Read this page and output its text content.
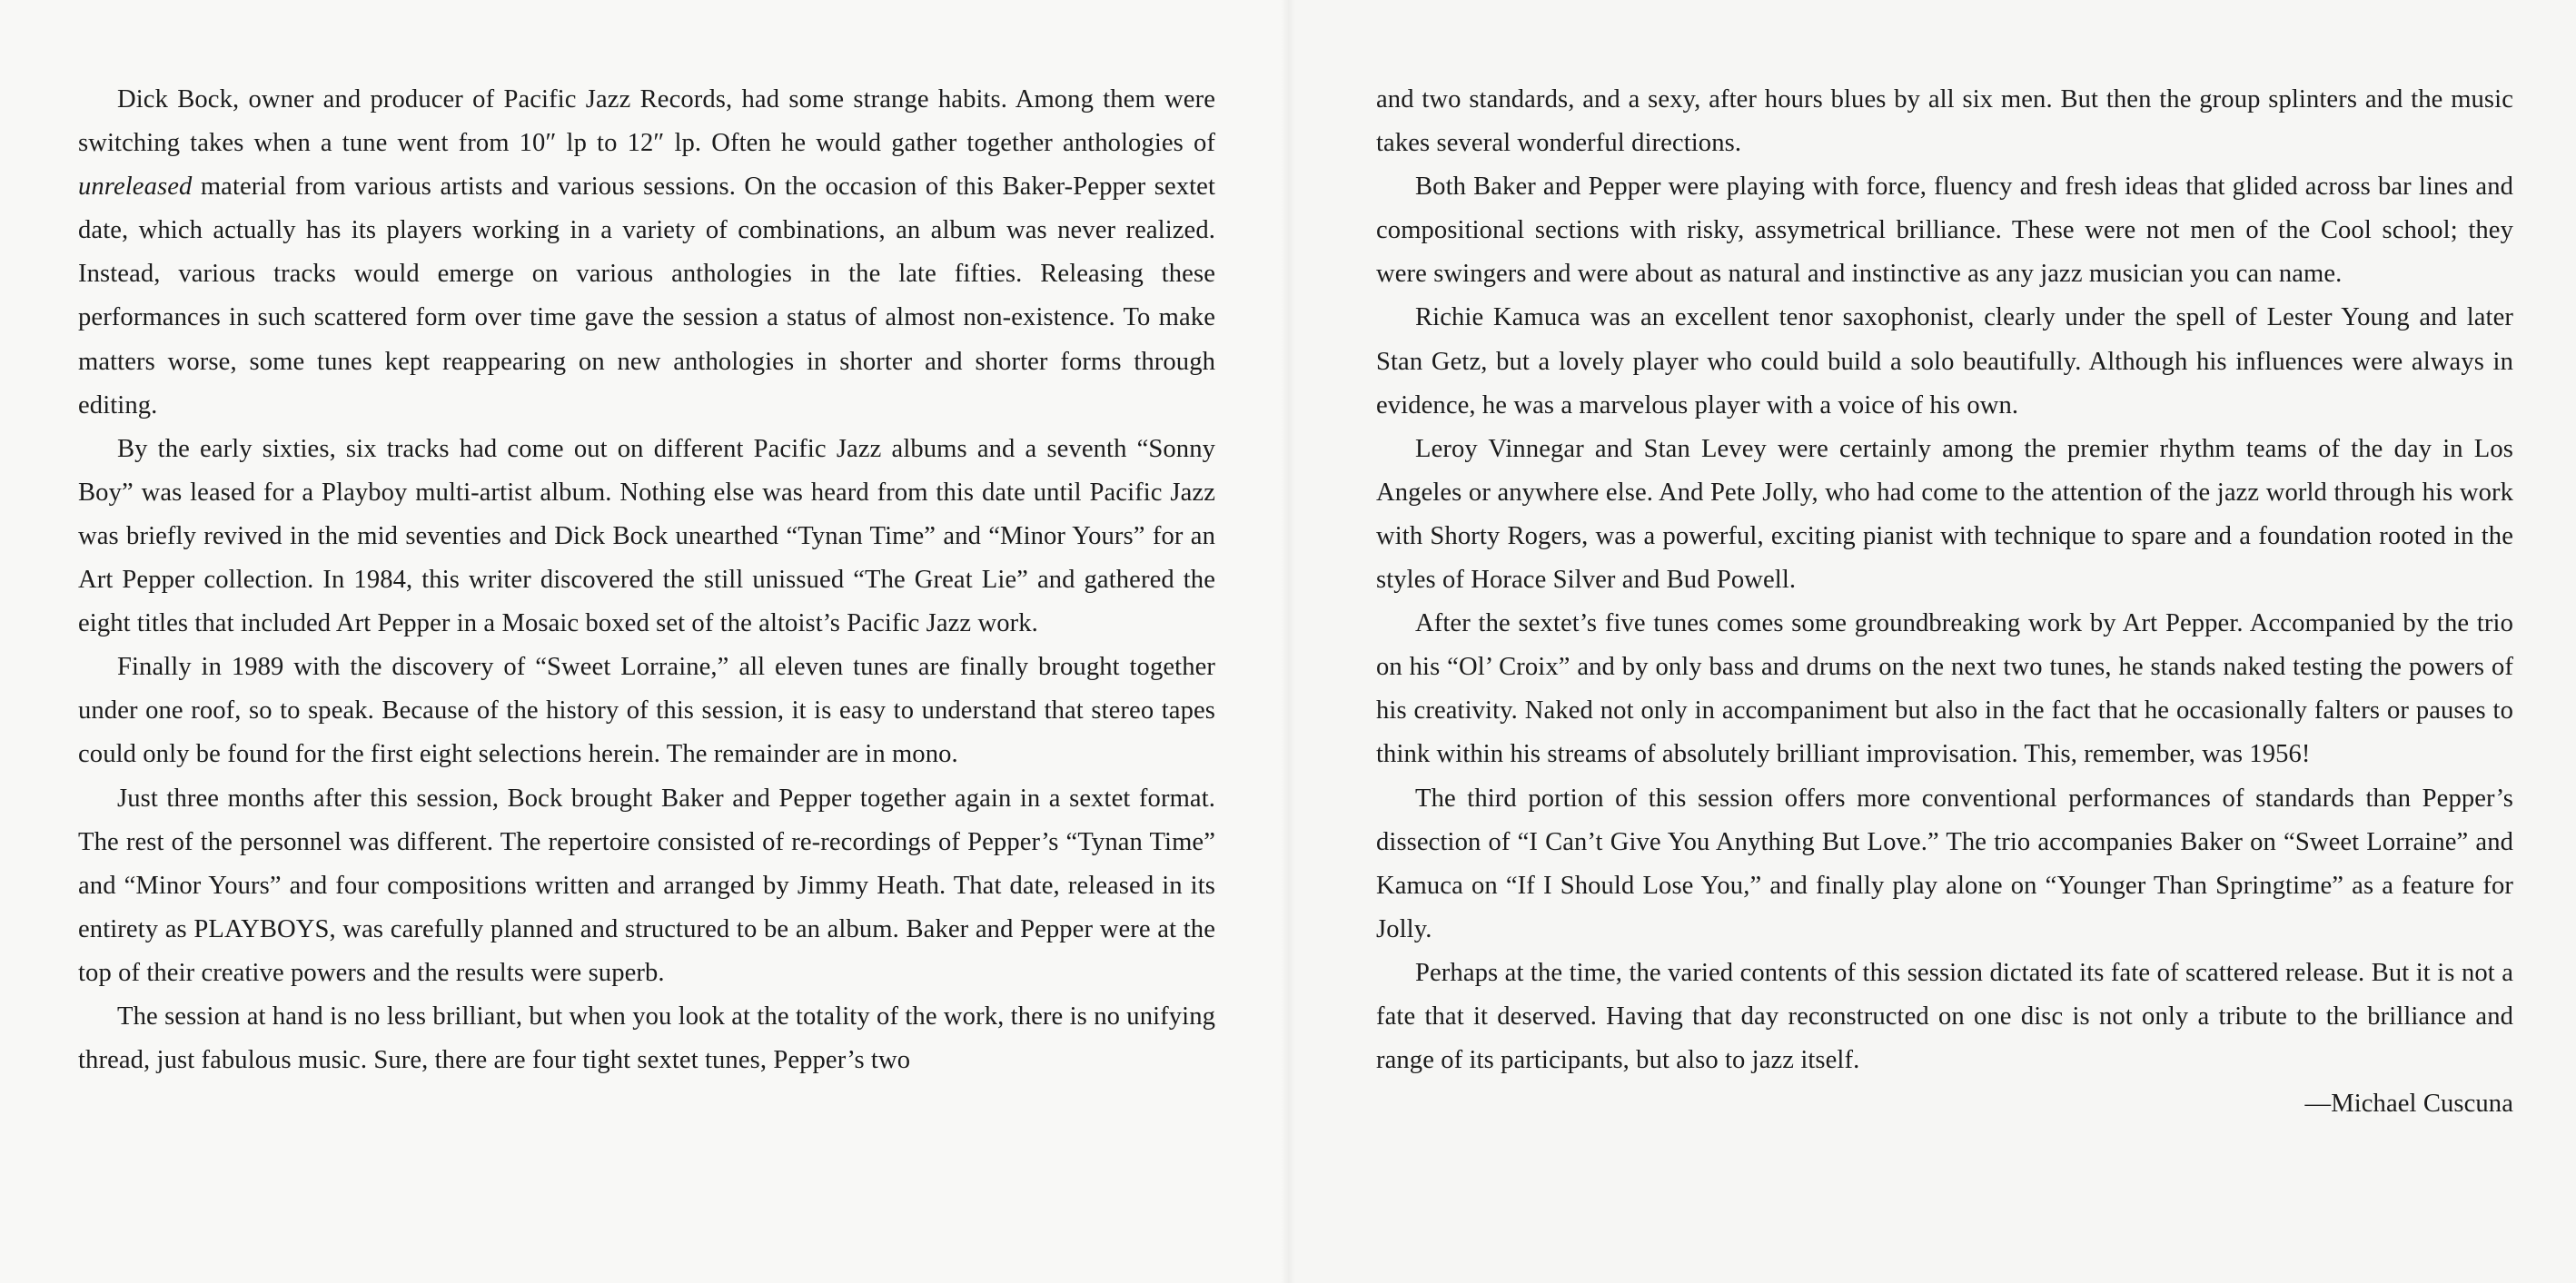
Dick Bock, owner and producer of Pacific Jazz Records, had some strange habits. Among them were switching takes when a tune went from 10″ lp to 12″ lp. Often he would gather together anthologies of unreleased material from various artists and various sessions. On the occasion of this Baker-Pepper sextet date, which actually has its players working in a variety of combinations, an album was never realized. Instead, various tracks would emerge on various anthologies in the late fifties. Releasing these performances in such scattered form over time gave the session a status of almost non-existence. To make matters worse, some tunes kept reappearing on new anthologies in shorter and shorter forms through editing.

By the early sixties, six tracks had come out on different Pacific Jazz albums and a seventh “Sonny Boy” was leased for a Playboy multi-artist album. Nothing else was heard from this date until Pacific Jazz was briefly revived in the mid seventies and Dick Bock unearthed “Tynan Time” and “Minor Yours” for an Art Pepper collection. In 1984, this writer discovered the still unissued “The Great Lie” and gathered the eight titles that included Art Pepper in a Mosaic boxed set of the altoist’s Pacific Jazz work.

Finally in 1989 with the discovery of “Sweet Lorraine,” all eleven tunes are finally brought together under one roof, so to speak. Because of the history of this session, it is easy to understand that stereo tapes could only be found for the first eight selections herein. The remainder are in mono.

Just three months after this session, Bock brought Baker and Pepper together again in a sextet format. The rest of the personnel was different. The repertoire consisted of re-recordings of Pepper’s “Tynan Time” and “Minor Yours” and four compositions written and arranged by Jimmy Heath. That date, released in its entirety as PLAYBOYS, was carefully planned and structured to be an album. Baker and Pepper were at the top of their creative powers and the results were superb.

The session at hand is no less brilliant, but when you look at the totality of the work, there is no unifying thread, just fabulous music. Sure, there are four tight sextet tunes, Pepper’s two

and two standards, and a sexy, after hours blues by all six men. But then the group splinters and the music takes several wonderful directions.

Both Baker and Pepper were playing with force, fluency and fresh ideas that glided across bar lines and compositional sections with risky, assymetrical brilliance. These were not men of the Cool school; they were swingers and were about as natural and instinctive as any jazz musician you can name.

Richie Kamuca was an excellent tenor saxophonist, clearly under the spell of Lester Young and later Stan Getz, but a lovely player who could build a solo beautifully. Although his influences were always in evidence, he was a marvelous player with a voice of his own.

Leroy Vinnegar and Stan Levey were certainly among the premier rhythm teams of the day in Los Angeles or anywhere else. And Pete Jolly, who had come to the attention of the jazz world through his work with Shorty Rogers, was a powerful, exciting pianist with technique to spare and a foundation rooted in the styles of Horace Silver and Bud Powell.

After the sextet’s five tunes comes some groundbreaking work by Art Pepper. Accompanied by the trio on his “Ol’ Croix” and by only bass and drums on the next two tunes, he stands naked testing the powers of his creativity. Naked not only in accompaniment but also in the fact that he occasionally falters or pauses to think within his streams of absolutely brilliant improvisation. This, remember, was 1956!

The third portion of this session offers more conventional performances of standards than Pepper’s dissection of “I Can’t Give You Anything But Love.” The trio accompanies Baker on “Sweet Lorraine” and Kamuca on “If I Should Lose You,” and finally play alone on “Younger Than Springtime” as a feature for Jolly.

Perhaps at the time, the varied contents of this session dictated its fate of scattered release. But it is not a fate that it deserved. Having that day reconstructed on one disc is not only a tribute to the brilliance and range of its participants, but also to jazz itself.

—Michael Cuscuna
